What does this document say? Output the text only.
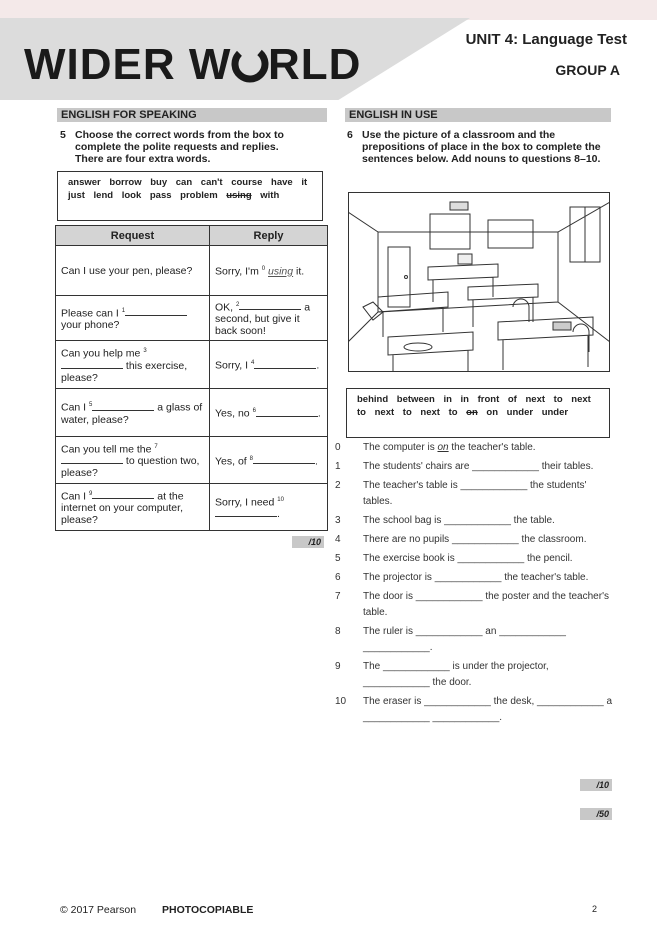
WIDER W RLD
UNIT 4: Language Test
GROUP A
ENGLISH FOR SPEAKING
5 Choose the correct words from the box to complete the polite requests and replies. There are four extra words.
answer borrow buy can can't course have it just lend look pass problem using with
Request	Reply
Can I use your pen, please?	Sorry, I'm $^0$ using it.
Please can I $^1$ your phone?	OK, $^2$ a second, but give it back soon!
Can you help me $^3$ this exercise, please?	Sorry, I $^4$ .
Can I $^5$ a glass of water, please?	Yes, no $^6$ .
Can you tell me the $^7$ to question two, please?	Yes, of $^8$ .
Can I $^9$ at the internet on your computer, please?	Sorry, I need $^{10}$.
/10
ENGLISH IN USE
6 Use the picture of a classroom and the prepositions of place in the box to complete the sentences below. Add nouns to questions 8–10.
behind between in in front of next to next to next to next to on on under under
0	The computer is on the teacher's table.
1	The students' chairs are ____________ their tables.
2	The teacher's table is ____________ the students' tables.
3	The school bag is ____________ the table.
4	There are no pupils ____________ the classroom.
5	The exercise book is ____________ the pencil.
6	The projector is ____________ the teacher's table.
7	The door is ____________ the poster and the teacher's table.
8	The ruler is ____________ an ____________ ____________.
9	The ____________ is under the projector, ____________ the door.
10	The eraser is ____________ the desk, ____________ a ____________ ____________.
/10
/50
© 2017 Pearson PHOTOCOPIABLE	2
